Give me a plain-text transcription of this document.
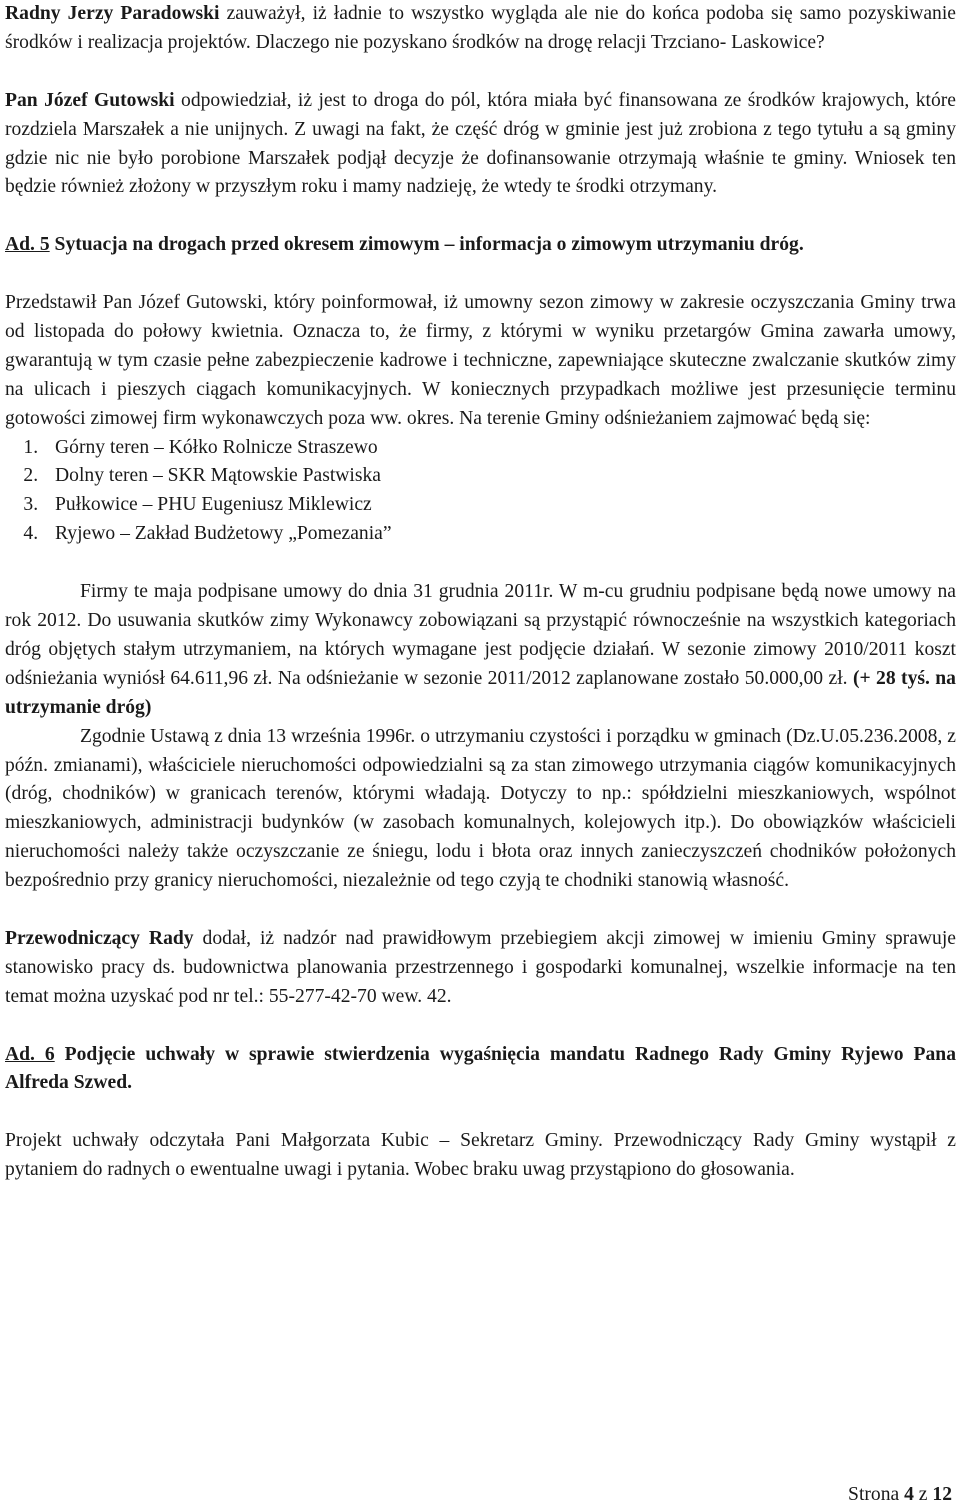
Radny Jerzy Paradowski zauważył, iż ładnie to wszystko wygląda ale nie do końca podoba się samo pozyskiwanie środków i realizacja projektów. Dlaczego nie pozyskano środków na drogę relacji Trzciano- Laskowice?

Pan Józef Gutowski odpowiedział, iż jest to droga do pól, która miała być finansowana ze środków krajowych, które rozdziela Marszałek a nie unijnych. Z uwagi na fakt, że część dróg w gminie jest już zrobiona z tego tytułu a są gminy gdzie nic nie było porobione Marszałek podjął decyzje że dofinansowanie otrzymają właśnie te gminy. Wniosek ten będzie również złożony w przyszłym roku i mamy nadzieję, że wtedy te środki otrzymany.

Ad. 5 Sytuacja na drogach przed okresem zimowym – informacja o zimowym utrzymaniu dróg.

Przedstawił Pan Józef Gutowski, który poinformował, iż umowny sezon zimowy w zakresie oczyszczania Gminy trwa od listopada do połowy kwietnia. Oznacza to, że firmy, z którymi w wyniku przetargów Gmina zawarła umowy, gwarantują w tym czasie pełne zabezpieczenie kadrowe i techniczne, zapewniające skuteczne zwalczanie skutków zimy na ulicach i pieszych ciągach komunikacyjnych. W koniecznych przypadkach możliwe jest przesunięcie terminu gotowości zimowej firm wykonawczych poza ww. okres. Na terenie Gminy odśnieżaniem zajmować będą się:

1. Górny teren – Kółko Rolnicze Straszewo
2. Dolny teren – SKR Mątowskie Pastwiska
3. Pułkowice – PHU Eugeniusz Miklewicz
4. Ryjewo – Zakład Budżetowy „Pomezania”

Firmy te maja podpisane umowy do dnia 31 grudnia 2011r. W m-cu grudniu podpisane będą nowe umowy na rok 2012. Do usuwania skutków zimy Wykonawcy zobowiązani są przystąpić równocześnie na wszystkich kategoriach dróg objętych stałym utrzymaniem, na których wymagane jest podjęcie działań. W sezonie zimowy 2010/2011 koszt odśnieżania wyniósł 64.611,96 zł. Na odśnieżanie w sezonie 2011/2012 zaplanowane zostało 50.000,00 zł. (+ 28 tyś. na utrzymanie dróg)

Zgodnie Ustawą z dnia 13 września 1996r. o utrzymaniu czystości i porządku w gminach (Dz.U.05.236.2008, z późn. zmianami), właściciele nieruchomości odpowiedzialni są za stan zimowego utrzymania ciągów komunikacyjnych (dróg, chodników) w granicach terenów, którymi władają. Dotyczy to np.: spółdzielni mieszkaniowych, wspólnot mieszkaniowych, administracji budynków (w zasobach komunalnych, kolejowych itp.). Do obowiązków właścicieli nieruchomości należy także oczyszczanie ze śniegu, lodu i błota oraz innych zanieczyszczeń chodników położonych bezpośrednio przy granicy nieruchomości, niezależnie od tego czyją te chodniki stanowią własność.

Przewodniczący Rady dodał, iż nadzór nad prawidłowym przebiegiem akcji zimowej w imieniu Gminy sprawuje stanowisko pracy ds. budownictwa planowania przestrzennego i gospodarki komunalnej, wszelkie informacje na ten temat można uzyskać pod nr tel.: 55-277-42-70 wew. 42.

Ad. 6 Podjęcie uchwały w sprawie stwierdzenia wygaśnięcia mandatu Radnego Rady Gminy Ryjewo Pana Alfreda Szwed.

Projekt uchwały odczytała Pani Małgorzata Kubic – Sekretarz Gminy. Przewodniczący Rady Gminy wystąpił z pytaniem do radnych o ewentualne uwagi i pytania. Wobec braku uwag przystąpiono do głosowania.

Strona 4 z 12
